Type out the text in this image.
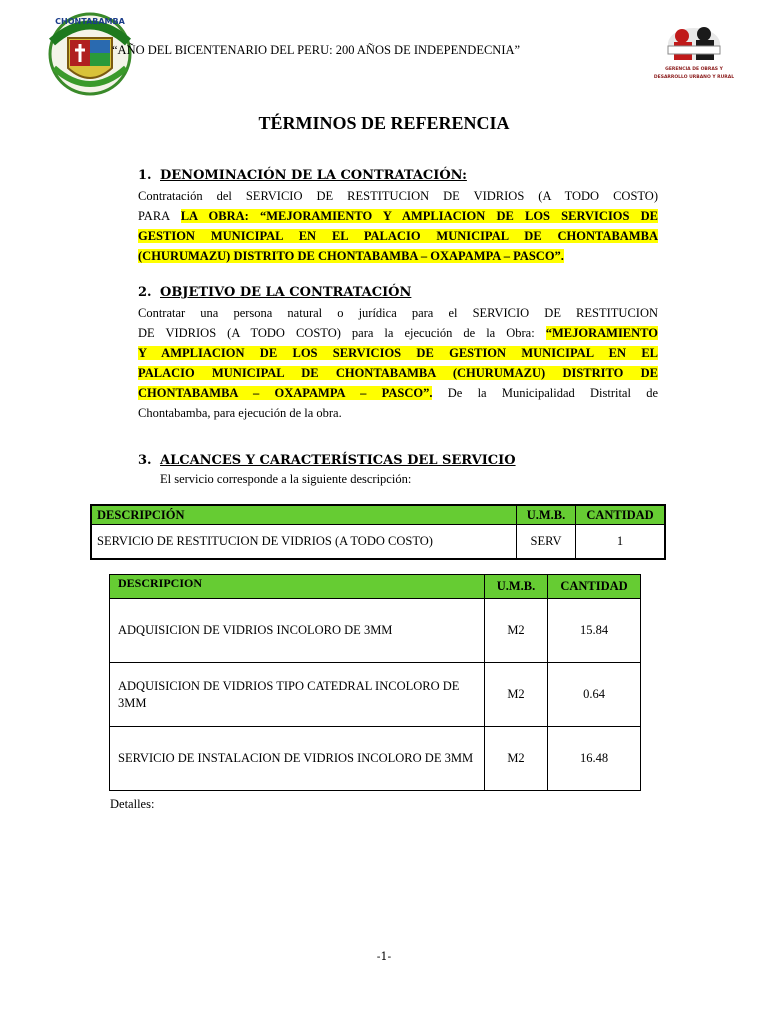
CHONTABAMBA
“AÑO DEL BICENTENARIO DEL PERU: 200 AÑOS DE INDEPENDECNIA”
GERENCIA DE OBRAS Y
DESARROLLO URBANO Y RURAL
TÉRMINOS DE REFERENCIA
1. DENOMINACIÓN DE LA CONTRATACIÓN:
Contratación del SERVICIO DE RESTITUCION DE VIDRIOS (A TODO COSTO)
PARA LA OBRA: “MEJORAMIENTO Y AMPLIACION DE LOS SERVICIOS DE
GESTION MUNICIPAL EN EL PALACIO MUNICIPAL DE CHONTABAMBA
(CHURUMAZU) DISTRITO DE CHONTABAMBA – OXAPAMPA – PASCO”.
2. OBJETIVO DE LA CONTRATACIÓN
Contratar una persona natural o jurídica para el SERVICIO DE RESTITUCION
DE VIDRIOS (A TODO COSTO) para la ejecución de la Obra: “MEJORAMIENTO
Y AMPLIACION DE LOS SERVICIOS DE GESTION MUNICIPAL EN EL
PALACIO MUNICIPAL DE CHONTABAMBA (CHURUMAZU) DISTRITO DE
CHONTABAMBA – OXAPAMPA – PASCO”. De la Municipalidad Distrital de
Chontabamba, para ejecución de la obra.
3. ALCANCES Y CARACTERÍSTICAS DEL SERVICIO
El servicio corresponde a la siguiente descripción:
DESCRIPCIÓN	U.M.B.	CANTIDAD
SERVICIO DE RESTITUCION DE VIDRIOS (A TODO COSTO)	SERV	1
DESCRIPCION	U.M.B.	CANTIDAD
ADQUISICION DE VIDRIOS INCOLORO DE 3MM	M2	15.84
ADQUISICION DE VIDRIOS TIPO CATEDRAL INCOLORO DE 3MM	M2	0.64
SERVICIO DE INSTALACION DE VIDRIOS INCOLORO DE 3MM	M2	16.48
Detalles:
-1-
